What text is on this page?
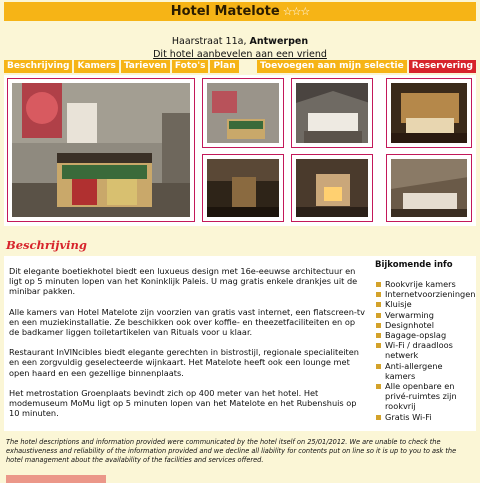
Hotel Matelote ☆☆☆
Haarstraat 11a, Antwerpen
Dit hotel aanbevelen aan een vriend
Beschrijving Kamers Tarieven Foto's Plan	Toevoegen aan mijn selectie Reservering
Beschrijving

Dit elegante boetiekhotel biedt een luxueus design met 16e-eeuwse architectuur en ligt op 5 minuten lopen van het Koninklijk Paleis. U mag gratis enkele drankjes uit de minibar pakken.

Alle kamers van Hotel Matelote zijn voorzien van gratis vast internet, een flatscreen-tv en een muziekinstallatie. Ze beschikken ook over koffie- en theezetfaciliteiten en op de badkamer liggen toiletartikelen van Rituals voor u klaar.

Restaurant InVINcibles biedt elegante gerechten in bistrostijl, regionale specialiteiten en een zorgvuldig geselecteerde wijnkaart. Het Matelote heeft ook een lounge met open haard en een gezellige binnenplaats.

Het metrostation Groenplaats bevindt zich op 400 meter van het hotel. Het modemuseum MoMu ligt op 5 minuten lopen van het Matelote en het Rubenshuis op 10 minuten.

Bijkomende info
Rookvrije kamers
Internetvoorzieningen
Kluisje
Verwarming
Designhotel
Bagage-opslag
Wi-Fi / draadloos netwerk
Anti-allergene kamers
Alle openbare en privé-ruimtes zijn rookvrij
Gratis Wi-Fi
The hotel descriptions and information provided were communicated by the hotel itself on 25/01/2012. We are unable to check the exhaustiveness and reliability of the information provided and we decline all liability for contents put on line so it is up to you to ask the hotel management about the availability of the facilities and services offered.
